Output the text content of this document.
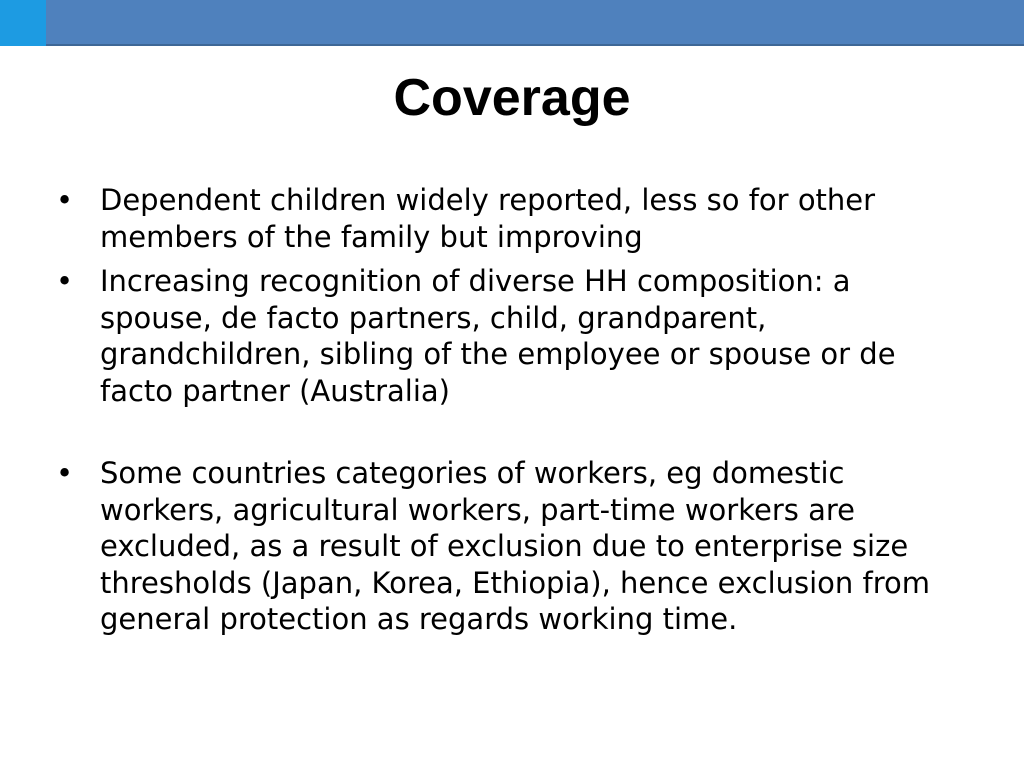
Coverage
• Dependent children widely reported, less so for other members of the family but improving
• Increasing recognition of diverse HH composition: a spouse, de facto partners, child, grandparent, grandchildren, sibling of the employee or spouse or de facto partner (Australia)
• Some countries categories of workers, eg domestic workers, agricultural workers, part-time workers are excluded, as a result of exclusion due to enterprise size thresholds (Japan, Korea, Ethiopia), hence exclusion from general protection as regards working time.
